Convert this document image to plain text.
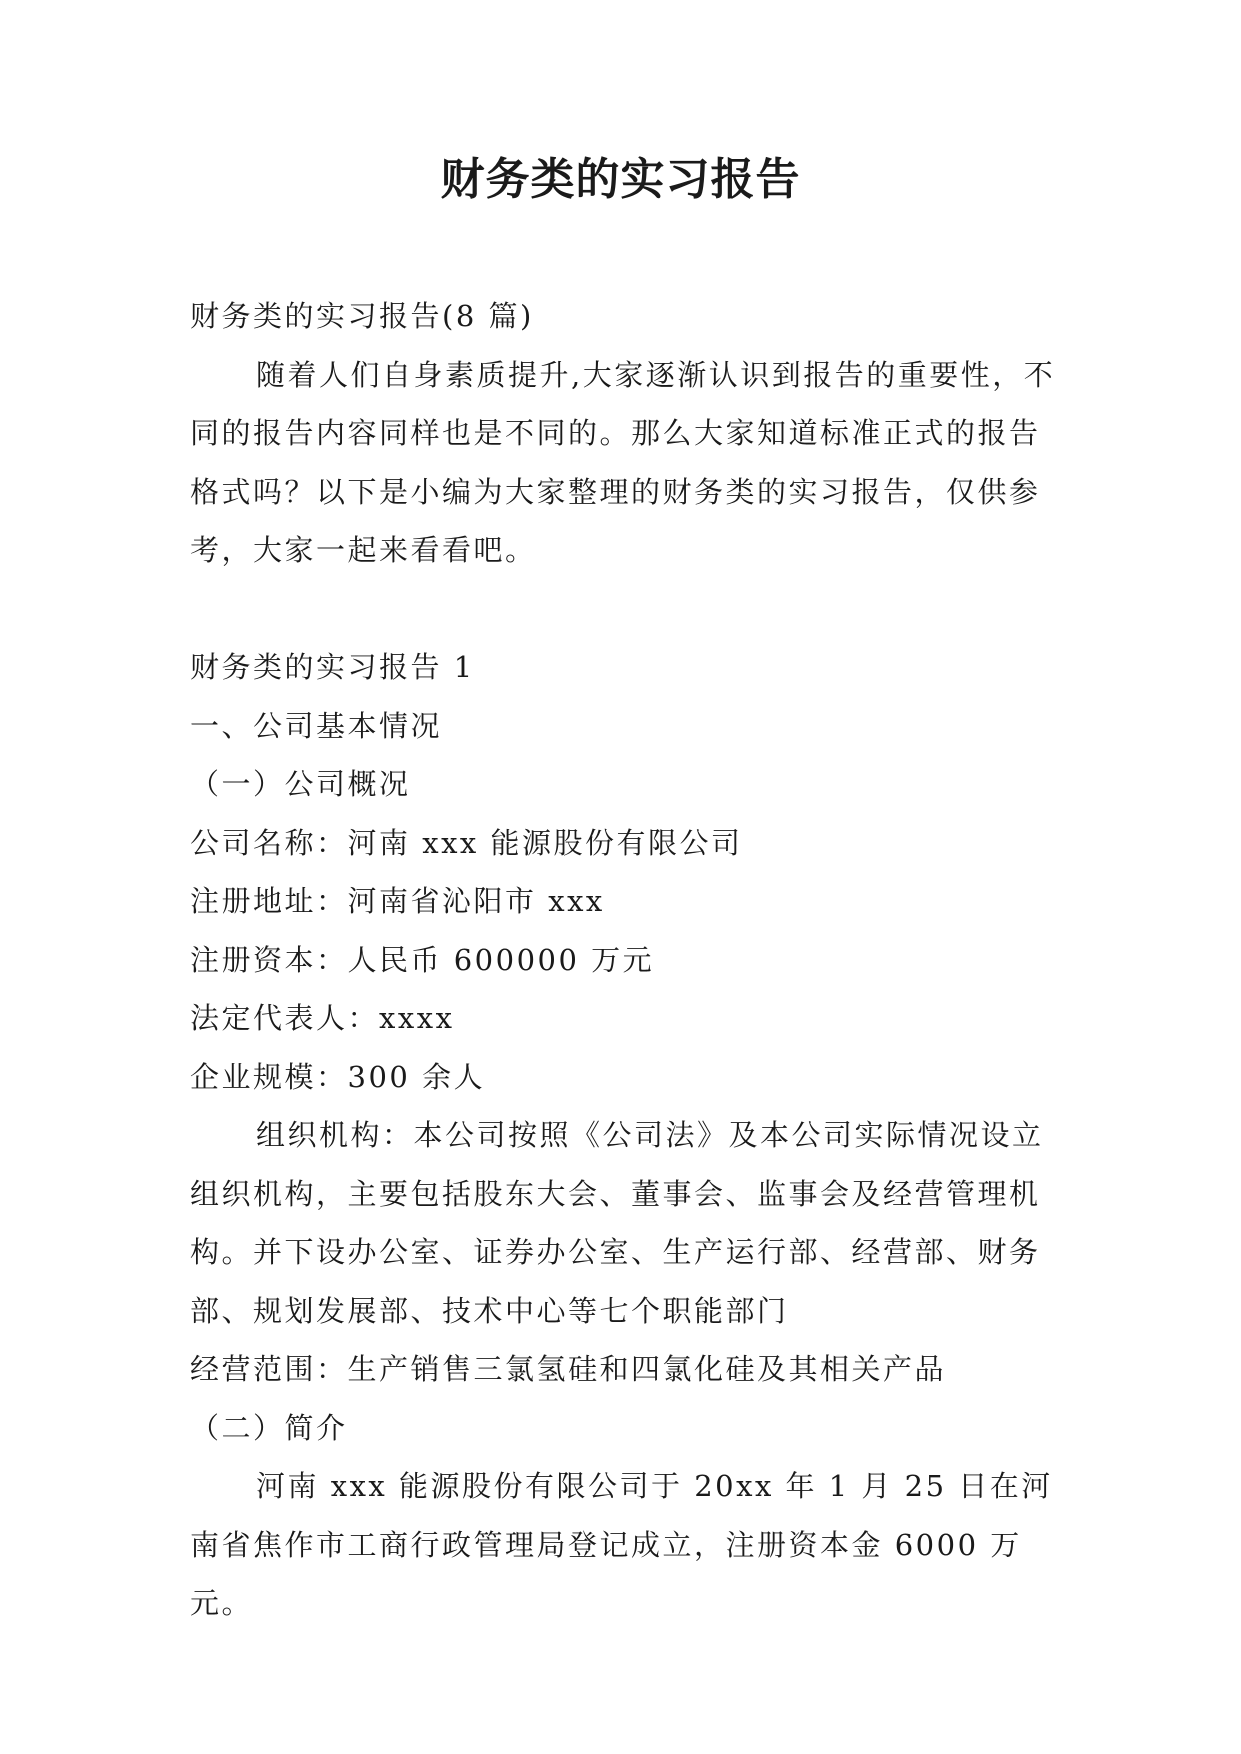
财务类的实习报告

财务类的实习报告(8 篇)

随着人们自身素质提升,大家逐渐认识到报告的重要性，不同的报告内容同样也是不同的。那么大家知道标准正式的报告格式吗？以下是小编为大家整理的财务类的实习报告，仅供参考，大家一起来看看吧。

财务类的实习报告 1

一、公司基本情况

（一）公司概况

公司名称：河南 xxx 能源股份有限公司

注册地址：河南省沁阳市 xxx

注册资本：人民币 600000 万元

法定代表人：xxxx

企业规模：300 余人

组织机构：本公司按照《公司法》及本公司实际情况设立组织机构，主要包括股东大会、董事会、监事会及经营管理机构。并下设办公室、证券办公室、生产运行部、经营部、财务部、规划发展部、技术中心等七个职能部门

经营范围：生产销售三氯氢硅和四氯化硅及其相关产品

（二）简介

河南 xxx 能源股份有限公司于 20xx 年 1 月 25 日在河南省焦作市工商行政管理局登记成立，注册资本金 6000 万元。
